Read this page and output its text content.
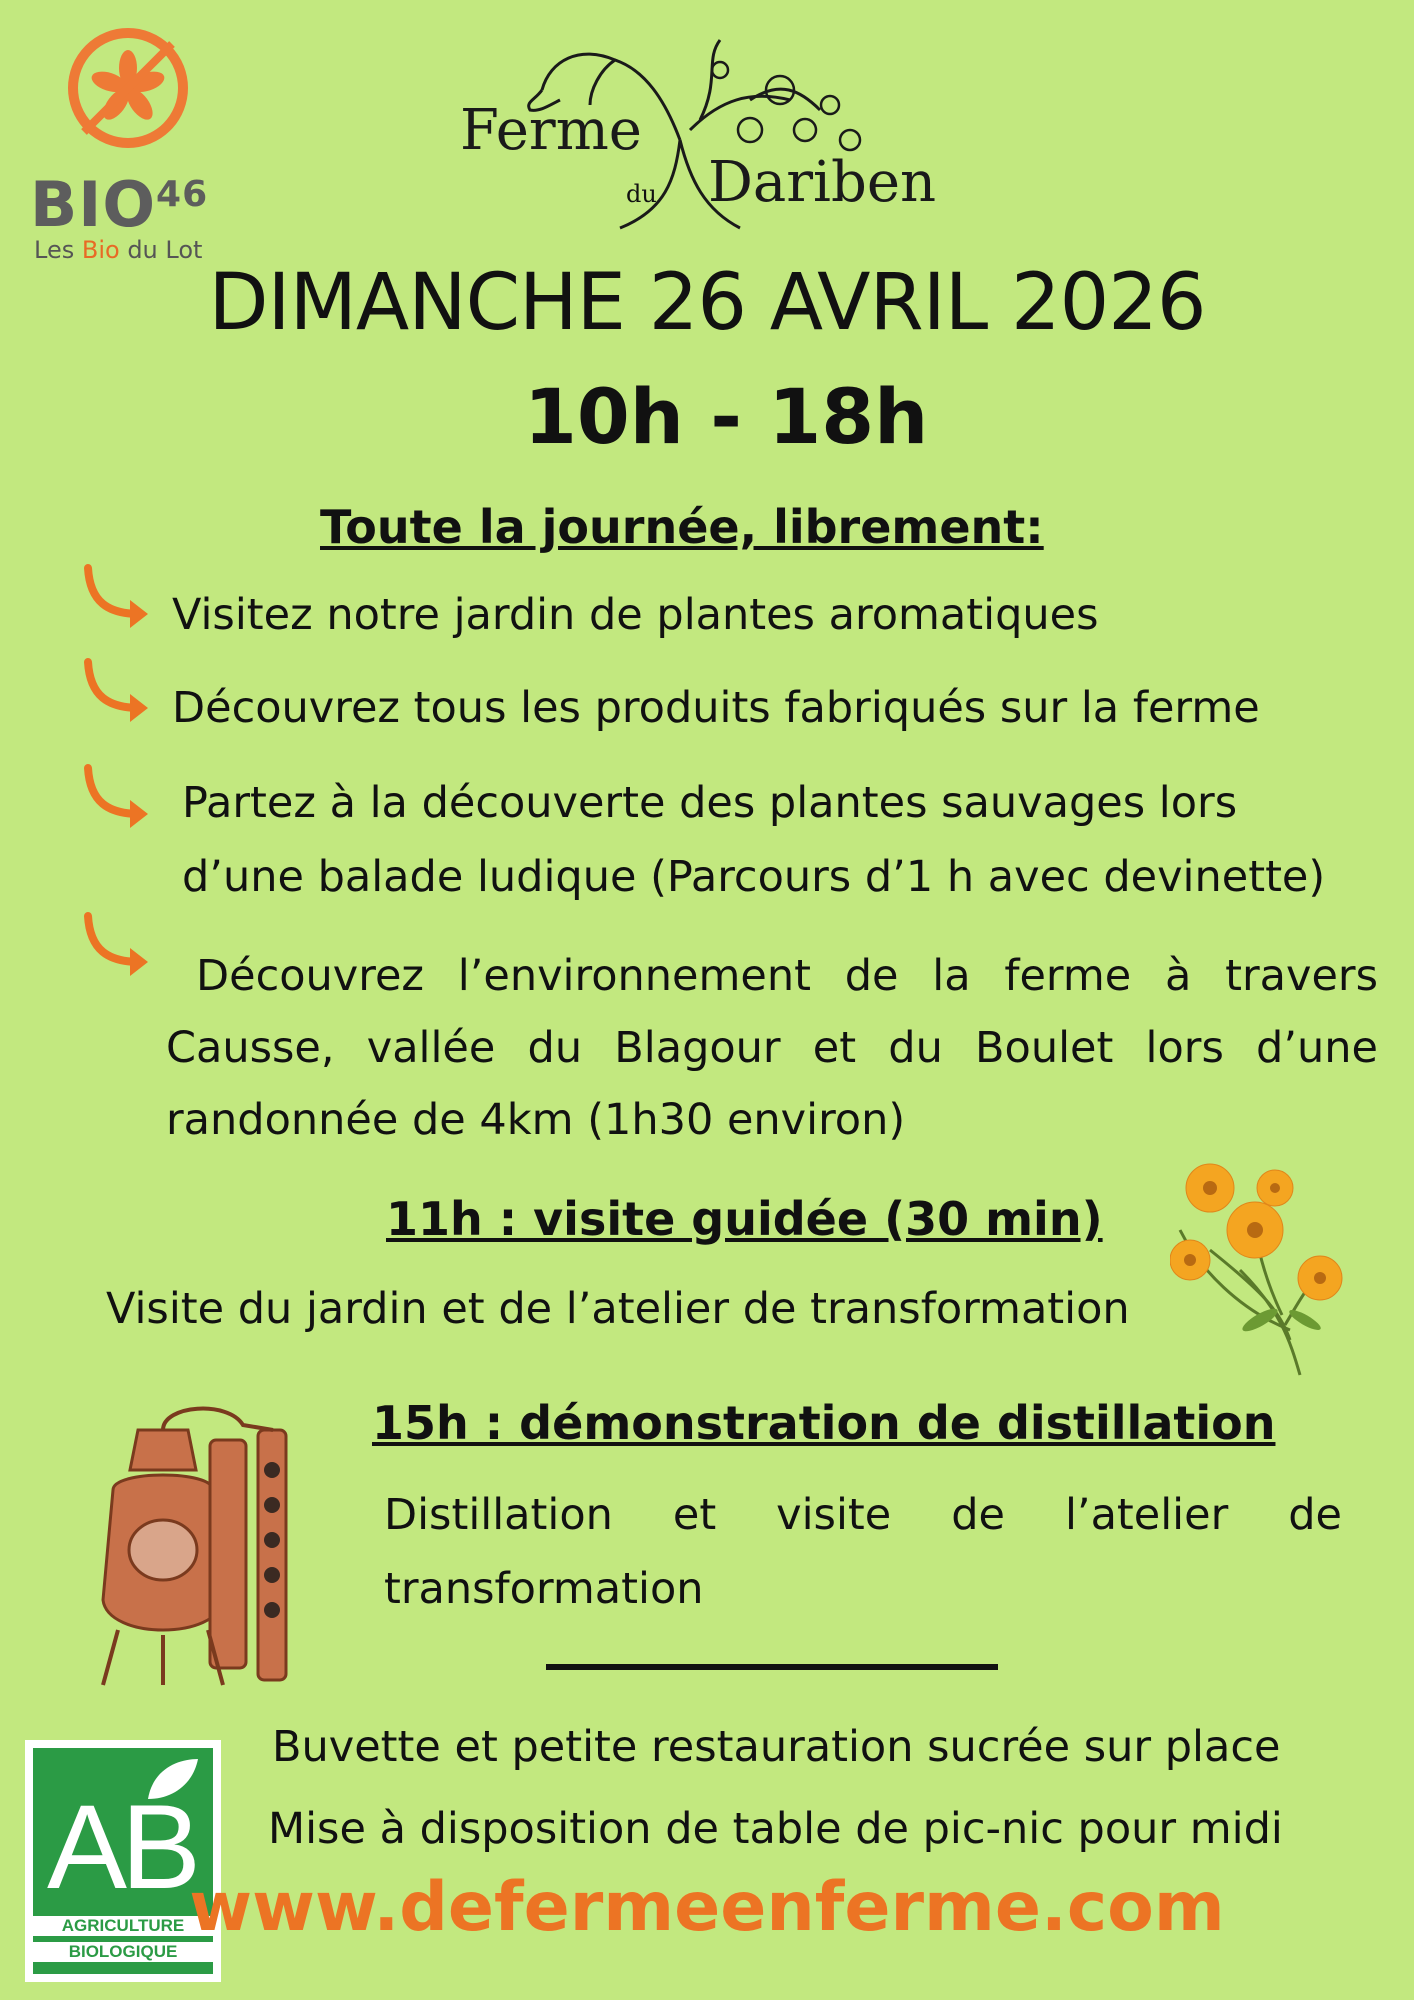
BIO$^{46}$
Les Bio du Lot
Ferme
du Dariben
DIMANCHE 26 AVRIL 2026
10h - 18h
Toute la journée, librement:
Visitez notre jardin de plantes aromatiques
Découvrez tous les produits fabriqués sur la ferme
Partez à la découverte des plantes sauvages lors
d’une balade ludique (Parcours d’1 h avec devinette)
Découvrez l’environnement de la ferme à travers Causse, vallée du Blagour et du Boulet lors d’une randonnée de 4km (1h30 environ)
11h : visite guidée (30 min)
Visite du jardin et de l’atelier de transformation
15h : démonstration de distillation
Distillation et visite de l’atelier de transformation
AB
AGRICULTURE
BIOLOGIQUE
Buvette et petite restauration sucrée sur place
Mise à disposition de table de pic-nic pour midi
www.defermeenferme.com
